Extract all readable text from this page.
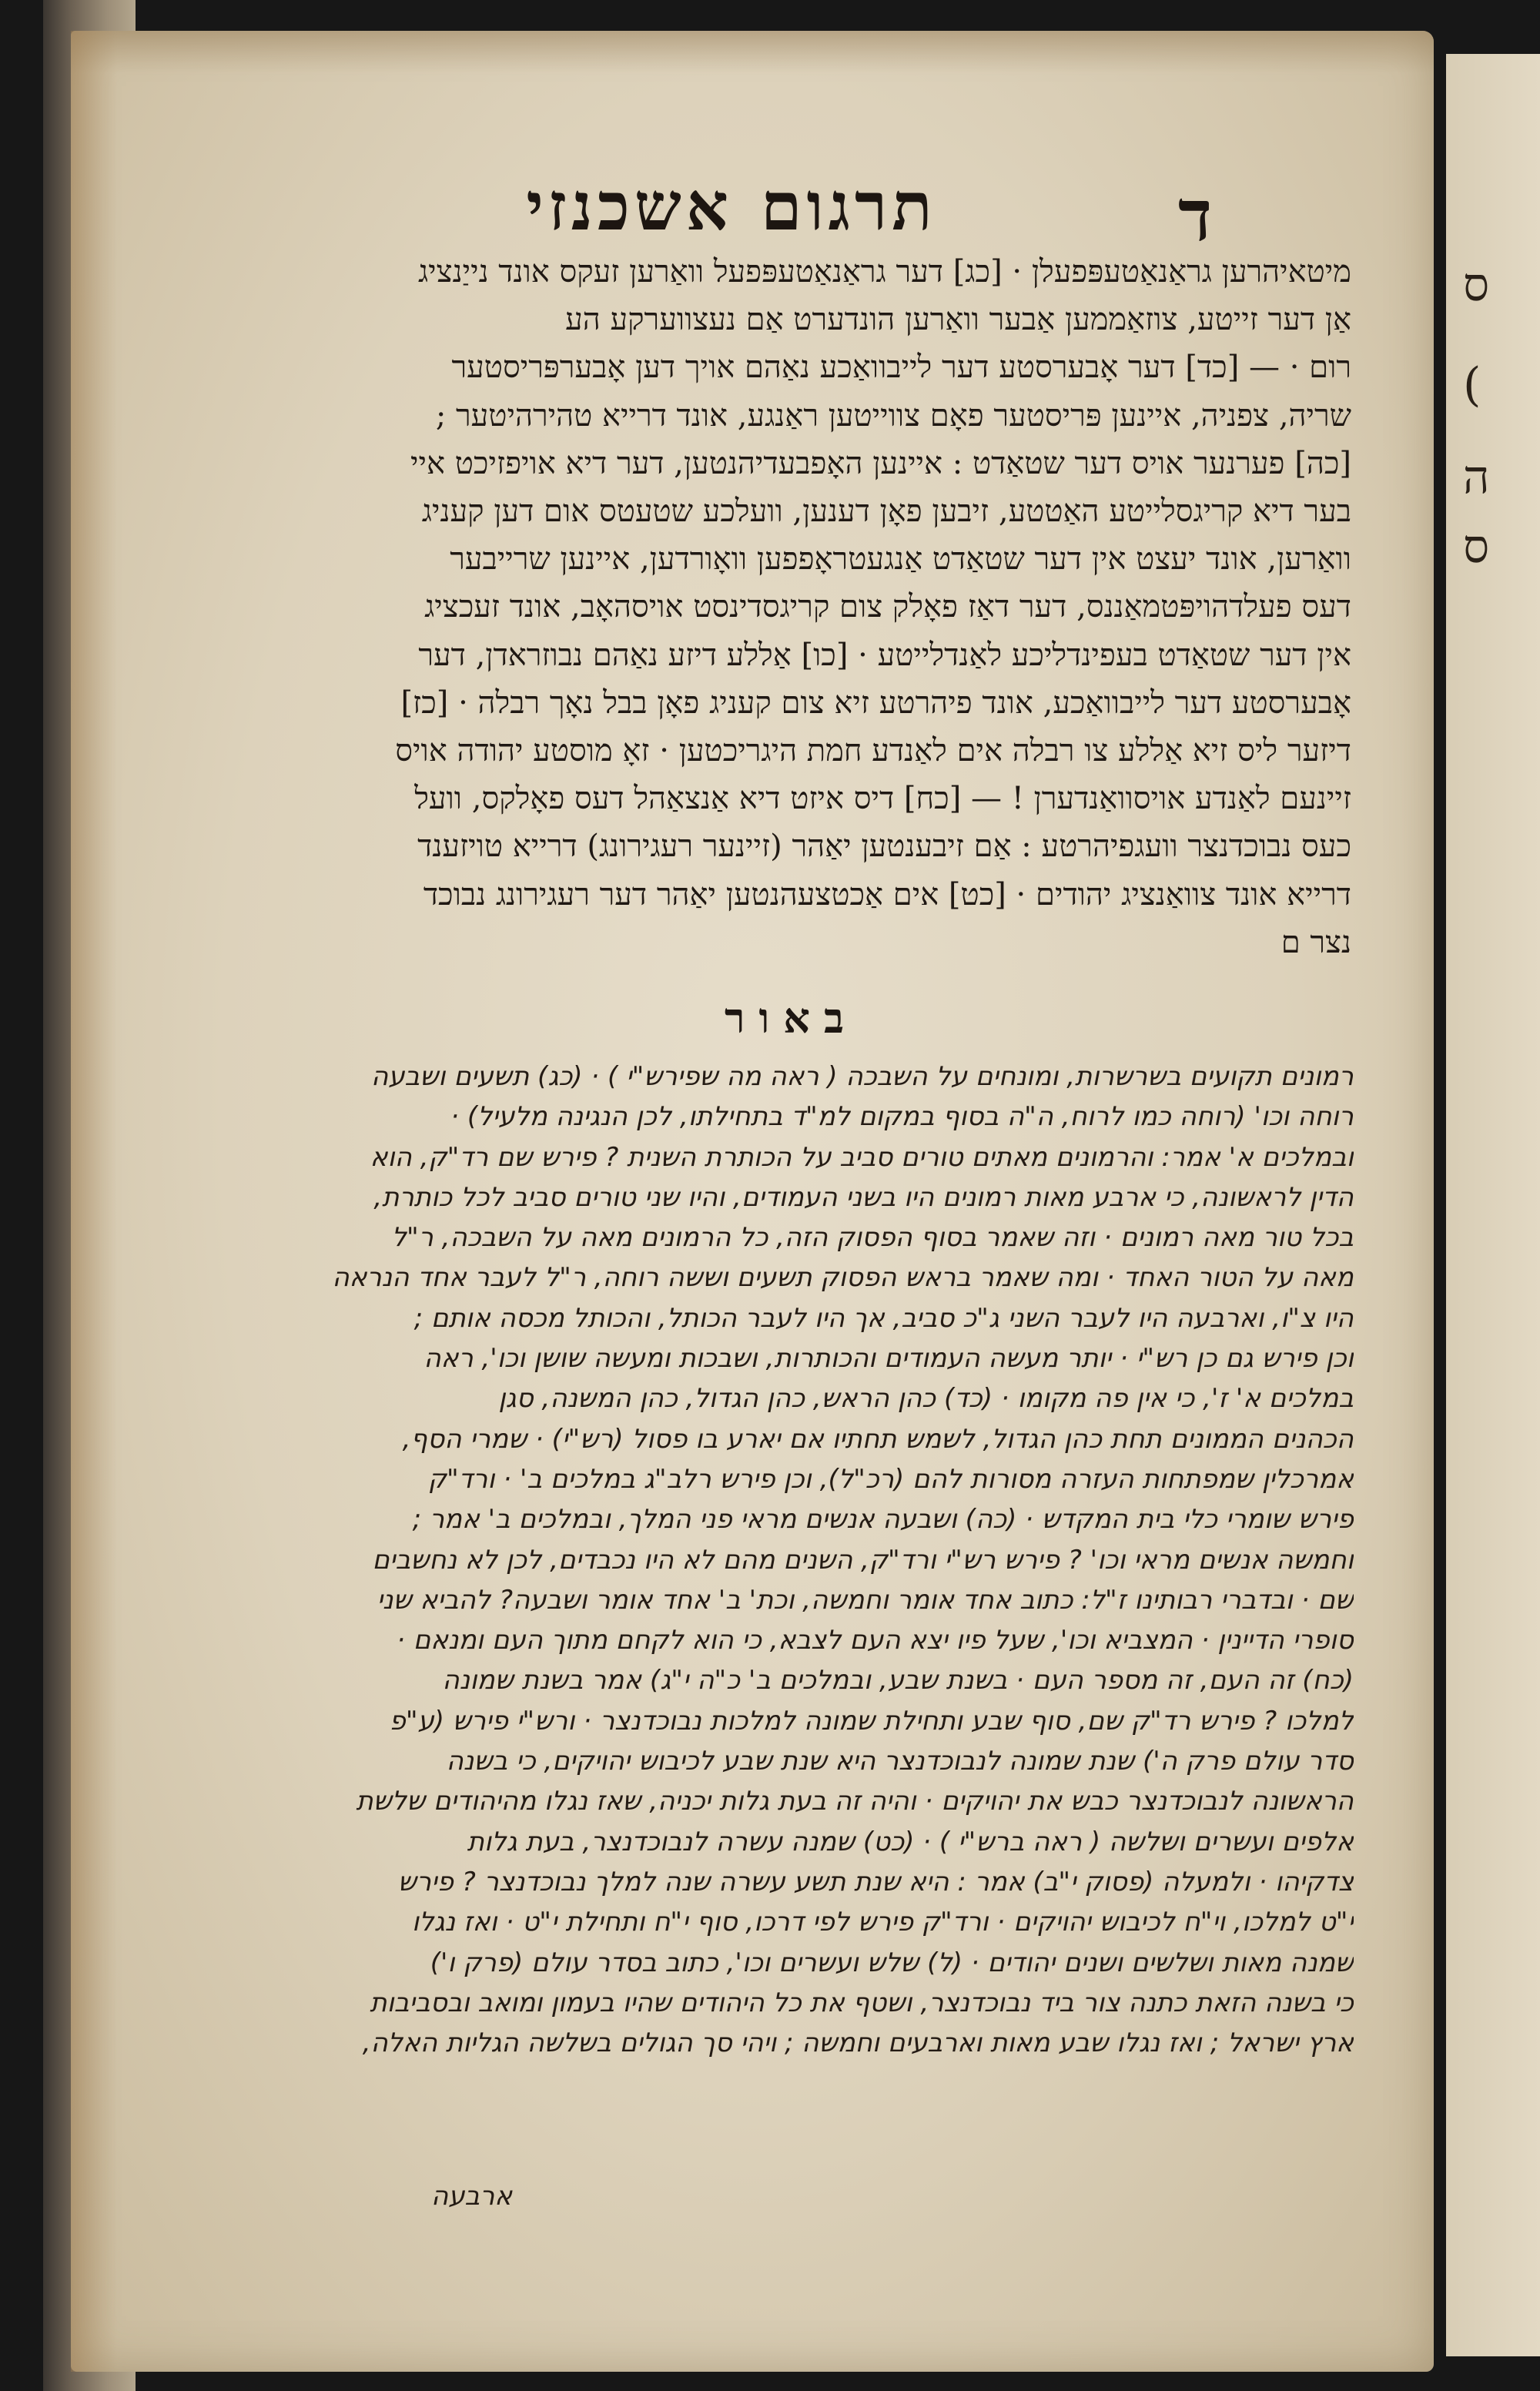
ס
(
ה
ס
תרגום אשכנזי	ד
מיטאיהרען גראַנאַטעפּפעלן · [כג] דער גראַנאַטעפּפעל וואַרען זעקס אונד נייַנציג
אַן דער זייטע, צוזאַממען אַבער וואַרען הונדערט אַם נעצווערקע הע
רום · — [כד] דער אָבערסטע דער לייבוואַכע נאַהם אויך דען אָבערפּריסטער
שריה, צפניה, איינען פּריסטער פאָם צווייטען ראַנגע, אונד דרייא טהירהיטער ;
[כה] פערנער אויס דער שטאַדט : איינען האָפבעדיהנטען, דער דיא אויפזיכט איי
בער דיא קריגסלייטע האַטטע, זיבען פאָן דענען, וועלכע שטעטס אום דען קעניג
וואַרען, אונד יעצט אין דער שטאַדט אַנגעטראָפפען וואָורדען, איינען שרייבער
דעס פעלדהויפּטמאַננס, דער דאַז פאָלק צום קריגסדינסט אויסהאָב, אונד זעכציג
אין דער שטאַדט בעפינדליכע לאַנדלייטע · [כו] אַללע דיזע נאַהם נבוזראדן, דער
אָבערסטע דער לייבוואַכע, אונד פיהרטע זיא צום קעניג פאָן בבל נאָך רבלה · [כז]
דיזער ליס זיא אַללע צו רבלה אים לאַנדע חמת היגריכטען · זאָ מוסטע יהודה אויס
זיינעם לאַנדע אויסוואַנדערן ! — [כח] דיס איזט דיא אַנצאַהל דעס פאָלקס, וועל
כעס נבוכדנצר וועגפיהרטע : אַם זיבענטען יאַהר (זיינער רעגירונג) דרייא טויזענד
דרייא אונד צוואַנציג יהודים · [כט] אים אַכטצעהנטען יאַהר דער רעגירונג נבוכד
נצר ם
באור
רמונים תקועים בשרשרות, ומונחים על השבכה ( ראה מה שפירש"י ) · (כג) תשעים ושבעה
רוחה וכו' (רוחה כמו לרוח, ה"ה בסוף במקום למ"ד בתחילתו, לכן הנגינה מלעיל) ·
ובמלכים א' אמר: והרמונים מאתים טורים סביב על הכותרת השנית ? פירש שם רד"ק, הוא
הדין לראשונה, כי ארבע מאות רמונים היו בשני העמודים, והיו שני טורים סביב לכל כותרת,
בכל טור מאה רמונים · וזה שאמר בסוף הפסוק הזה, כל הרמונים מאה על השבכה, ר"ל
מאה על הטור האחד · ומה שאמר בראש הפסוק תשעים וששה רוחה, ר"ל לעבר אחד הנראה
היו צ"ו, וארבעה היו לעבר השני ג"כ סביב, אך היו לעבר הכותל, והכותל מכסה אותם ;
וכן פירש גם כן רש"י · יותר מעשה העמודים והכותרות, ושבכות ומעשה שושן וכו', ראה
במלכים א' ז', כי אין פה מקומו · (כד) כהן הראש, כהן הגדול, כהן המשנה, סגן
הכהנים הממונים תחת כהן הגדול, לשמש תחתיו אם יארע בו פסול (רש"י) · שמרי הסף,
אמרכלין שמפתחות העזרה מסורות להם (רכ"ל), וכן פירש רלב"ג במלכים ב' · ורד"ק
פירש שומרי כלי בית המקדש · (כה) ושבעה אנשים מראי פני המלך, ובמלכים ב' אמר ;
וחמשה אנשים מראי וכו' ? פירש רש"י ורד"ק, השנים מהם לא היו נכבדים, לכן לא נחשבים
שם · ובדברי רבותינו ז"ל: כתוב אחד אומר וחמשה, וכת' ב' אחד אומר ושבעה? להביא שני
סופרי הדיינין · המצביא וכו', שעל פיו יצא העם לצבא, כי הוא לקחם מתוך העם ומנאם ·
(כח) זה העם, זה מספר העם · בשנת שבע, ובמלכים ב' כ"ה י"ג) אמר בשנת שמונה
למלכו ? פירש רד"ק שם, סוף שבע ותחילת שמונה למלכות נבוכדנצר · ורש"י פירש (ע"פ
סדר עולם פרק ה') שנת שמונה לנבוכדנצר היא שנת שבע לכיבוש יהויקים, כי בשנה
הראשונה לנבוכדנצר כבש את יהויקים · והיה זה בעת גלות יכניה, שאז נגלו מהיהודים שלשת
אלפים ועשרים ושלשה ( ראה ברש"י ) · (כט) שמנה עשרה לנבוכדנצר, בעת גלות
צדקיהו · ולמעלה (פסוק י"ב) אמר : היא שנת תשע עשרה שנה למלך נבוכדנצר ? פירש
י"ט למלכו, וי"ח לכיבוש יהויקים · ורד"ק פירש לפי דרכו, סוף י"ח ותחילת י"ט · ואז נגלו
שמנה מאות ושלשים ושנים יהודים · (ל) שלש ועשרים וכו', כתוב בסדר עולם (פרק ו')
כי בשנה הזאת כתנה צור ביד נבוכדנצר, ושטף את כל היהודים שהיו בעמון ומואב ובסביבות
ארץ ישראל ; ואז נגלו שבע מאות וארבעים וחמשה ; ויהי סך הגולים בשלשה הגליות האלה,
ארבעה
